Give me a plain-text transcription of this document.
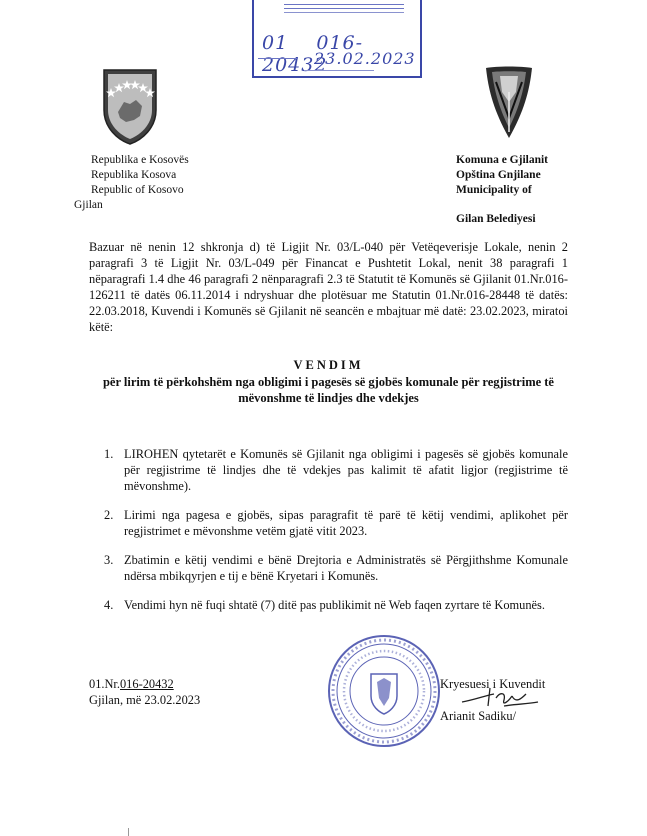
01 016-20432
23.02.2023
Republika e Kosovës
Republika Kosova
Republic of Kosovo
Gjilan
Komuna e Gjilanit
Opština Gnjilane
Municipality of
Gilan Belediyesi
Bazuar në nenin 12 shkronja d) të Ligjit Nr. 03/L-040 për Vetëqeverisje Lokale, nenin 2 paragrafi 3 të Ligjit Nr. 03/L-049 për Financat e Pushtetit Lokal, nenit 38 paragrafi 1 nëparagrafi 1.4 dhe 46 paragrafi 2 nënparagrafi 2.3 të Statutit të Komunës së Gjilanit 01.Nr.016-126211 të datës 06.11.2014 i ndryshuar dhe plotësuar me Statutin 01.Nr.016-28448 të datës: 22.03.2018, Kuvendi i Komunës së Gjilanit në seancën e mbajtuar më datë: 23.02.2023, miratoi këtë:
VENDIM
për lirim të përkohshëm nga obligimi i pagesës së gjobës komunale për regjistrime të mëvonshme të lindjes dhe vdekjes
1. LIROHEN qytetarët e Komunës së Gjilanit nga obligimi i pagesës së gjobës komunale për regjistrime të lindjes dhe të vdekjes pas kalimit të afatit ligjor (regjistrime të mëvonshme).
2. Lirimi nga pagesa e gjobës, sipas paragrafit të parë të këtij vendimi, aplikohet për regjistrimet e mëvonshme vetëm gjatë vitit 2023.
3. Zbatimin e këtij vendimi e bënë Drejtoria e Administratës së Përgjithshme Komunale ndërsa mbikqyrjen e tij e bënë Kryetari i Komunës.
4. Vendimi hyn në fuqi shtatë (7) ditë pas publikimit në Web faqen zyrtare të Komunës.
01.Nr.016-20432
Gjilan, më 23.02.2023
Kryesuesi i Kuvendit
Arianit Sadiku/
